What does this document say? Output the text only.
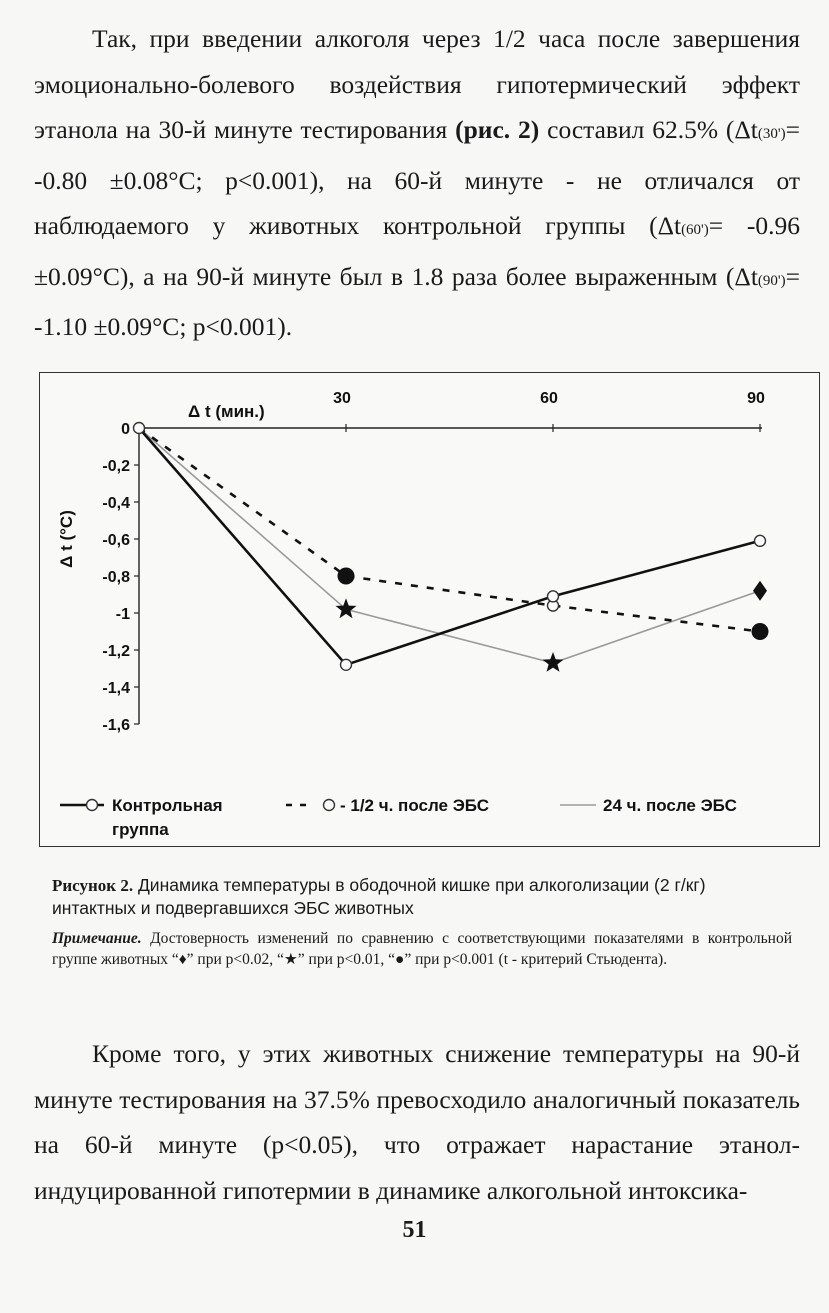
Так, при введении алкоголя через 1/2 часа после завершения эмоционально-болевого воздействия гипотермический эффект этанола на 30-й минуте тестирования (рис. 2) составил 62.5% (Δt(30')= -0.80 ±0.08°С; р<0.001), на 60-й минуте - не отличался от наблюдаемого у животных контрольной группы (Δt(60')= -0.96 ±0.09°С), а на 90-й минуте был в 1.8 раза более выраженным (Δt(90')= -1.10 ±0.09°С; р<0.001).

0
-0,2
-0,4
-0,6
-0,8
-1
-1,2
-1,4
-1,6
30	60	90
Δ t (мин.)
Δ t (°C)
Контрольная
группа
- 1/2 ч. после ЭБС	24 ч. после ЭБС

Рисунок 2. Динамика температуры в ободочной кишке при алкоголизации (2 г/кг) интактных и подвергавшихся ЭБС животных

Примечание. Достоверность изменений по сравнению с соответствующими показателями в контрольной группе животных “♦” при р<0.02, “★” при р<0.01, “●” при р<0.001 (t - критерий Стьюдента).

Кроме того, у этих животных снижение температуры на 90-й минуте тестирования на 37.5% превосходило аналогичный показатель на 60-й минуте (р<0.05), что отражает нарастание этанол-индуцированной гипотермии в динамике алкогольной интоксика-

51
